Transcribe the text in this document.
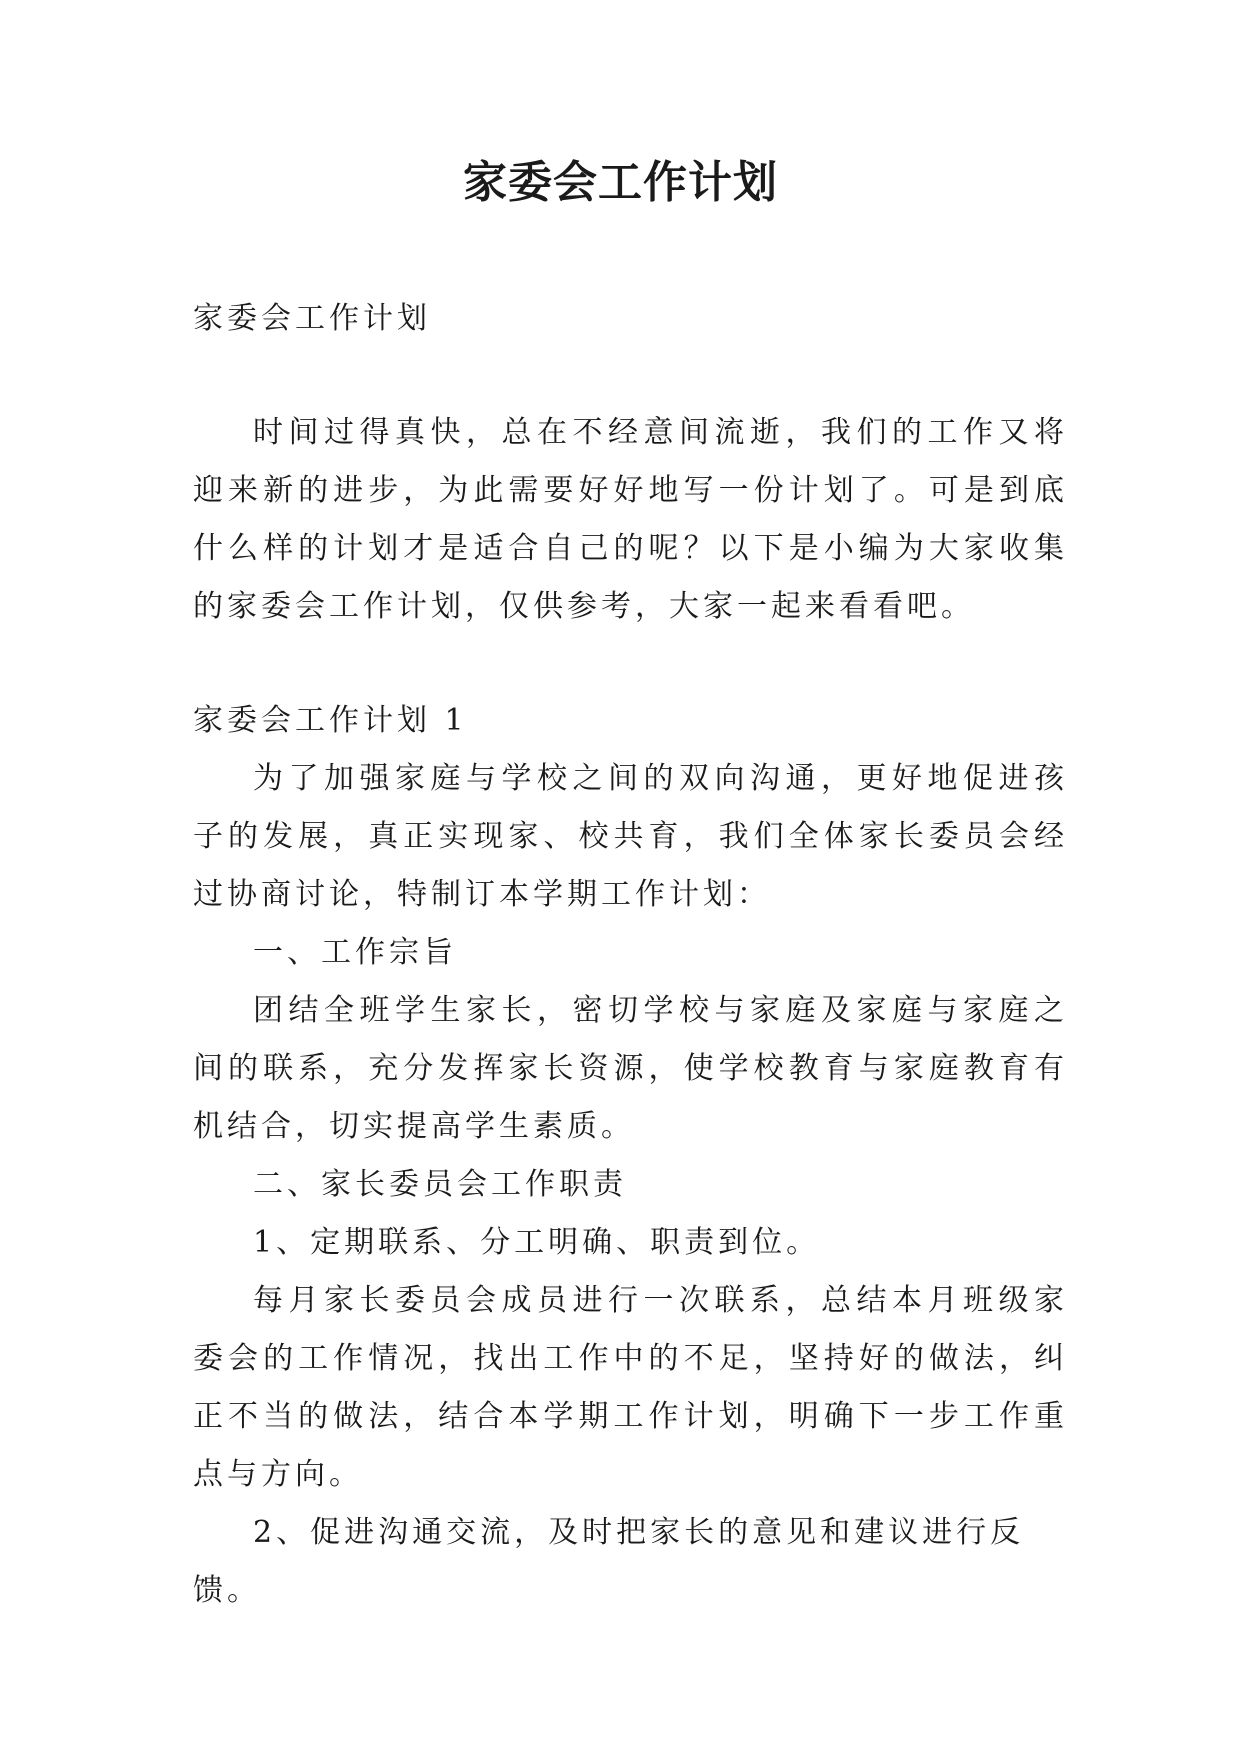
家委会工作计划

家委会工作计划

时间过得真快，总在不经意间流逝，我们的工作又将迎来新的进步，为此需要好好地写一份计划了。可是到底什么样的计划才是适合自己的呢？以下是小编为大家收集的家委会工作计划，仅供参考，大家一起来看看吧。

家委会工作计划 1

为了加强家庭与学校之间的双向沟通，更好地促进孩子的发展，真正实现家、校共育，我们全体家长委员会经过协商讨论，特制订本学期工作计划：

一、工作宗旨

团结全班学生家长，密切学校与家庭及家庭与家庭之间的联系，充分发挥家长资源，使学校教育与家庭教育有机结合，切实提高学生素质。

二、家长委员会工作职责

1、定期联系、分工明确、职责到位。

每月家长委员会成员进行一次联系，总结本月班级家委会的工作情况，找出工作中的不足，坚持好的做法，纠正不当的做法，结合本学期工作计划，明确下一步工作重点与方向。

2、促进沟通交流，及时把家长的意见和建议进行反馈。
